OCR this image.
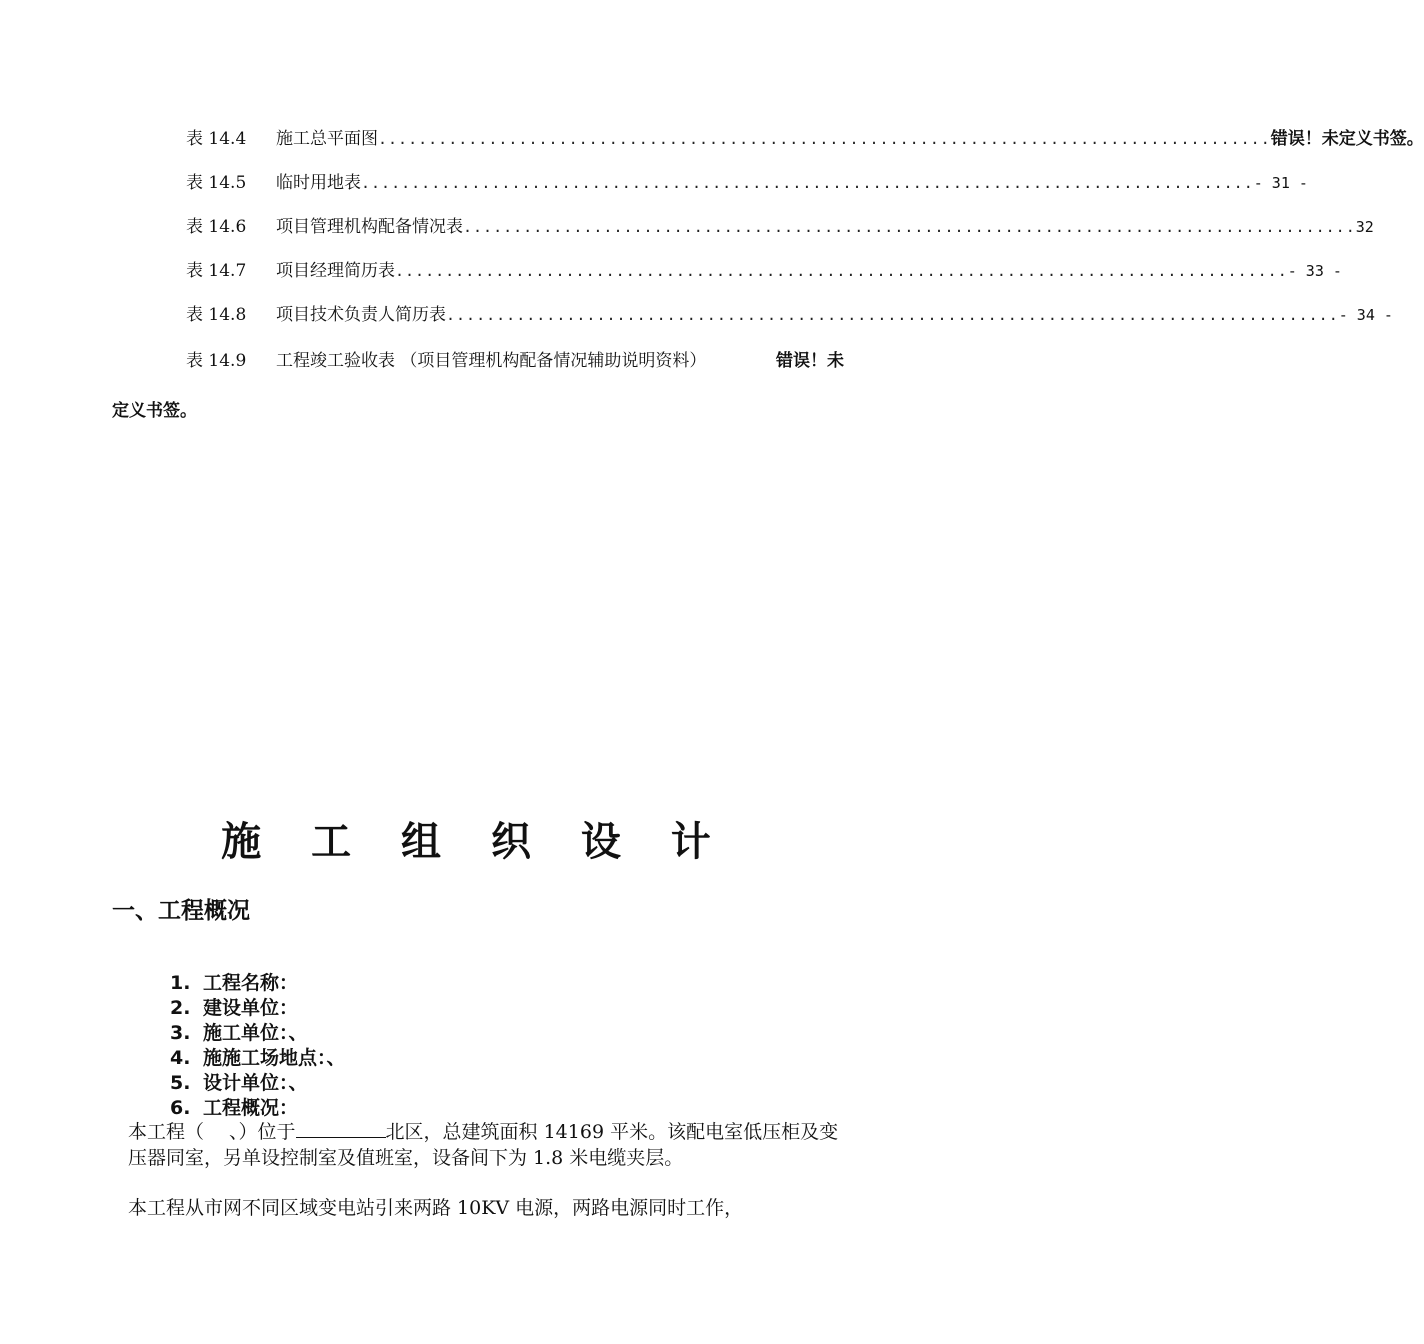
表 14.4	施工总平面图 ......................................................................................... 错误！未定义书签。
表 14.5	临时用地表 ......................................................................................... - 31 -
表 14.6	项目管理机构配备情况表 ......................................................................................... 32
表 14.7	项目经理简历表 ......................................................................................... - 33 -
表 14.8	项目技术负责人简历表 ......................................................................................... - 34 -
表 14.9	工程竣工验收表 （项目管理机构配备情况辅助说明资料）	错误！未
定义书签。
施 工 组 织 设 计
一、工程概况
1. 工程名称：
2. 建设单位：
3. 施工单位：、
4. 施施工场地点：、
5. 设计单位：、
6. 工程概况：
本工程（　 、）位于	北区，总建筑面积 14169 平米。该配电室低压柜及变压器同室，另单设控制室及值班室，设备间下为 1.8 米电缆夹层。
本工程从市网不同区域变电站引来两路 10KV 电源，两路电源同时工作，
